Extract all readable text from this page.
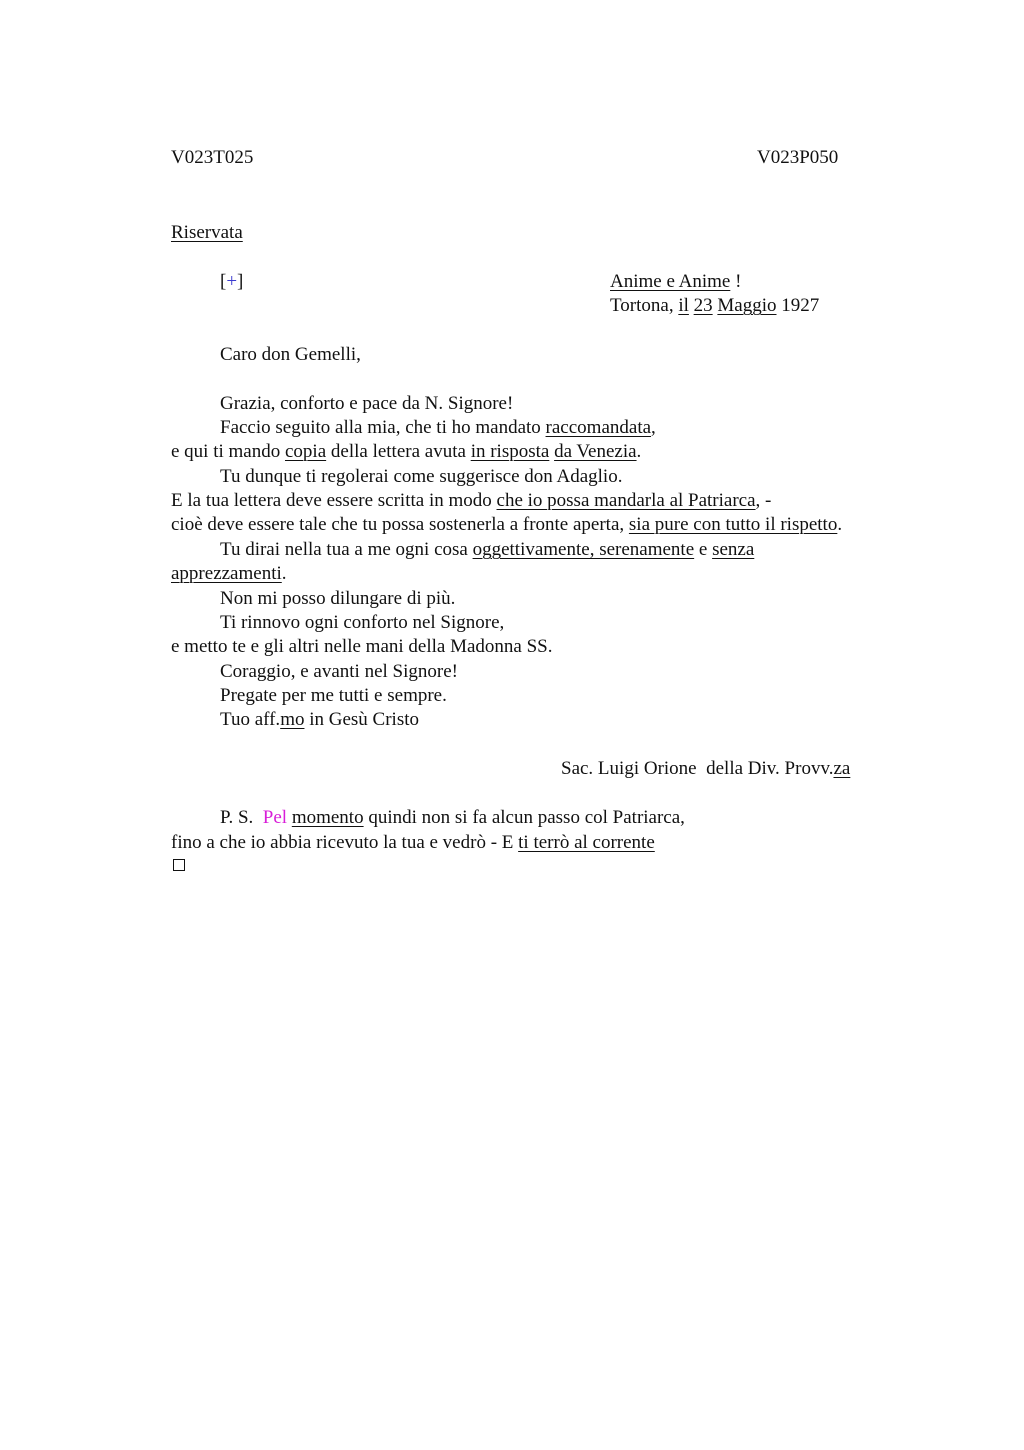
V023T025	V023P050
Riservata
[+]	Anime e Anime !
Tortona, il 23 Maggio 1927
Caro don Gemelli,
Grazia, conforto e pace da N. Signore!
Faccio seguito alla mia, che ti ho mandato raccomandata,
e qui ti mando copia della lettera avuta in risposta da Venezia.
Tu dunque ti regolerai come suggerisce don Adaglio.
E la tua lettera deve essere scritta in modo che io possa mandarla al Patriarca, -
cioè deve essere tale che tu possa sostenerla a fronte aperta, sia pure con tutto il rispetto.
Tu dirai nella tua a me ogni cosa oggettivamente, serenamente e senza
apprezzamenti.
Non mi posso dilungare di più.
Ti rinnovo ogni conforto nel Signore,
e metto te e gli altri nelle mani della Madonna SS.
Coraggio, e avanti nel Signore!
Pregate per me tutti e sempre.
Tuo aff.mo in Gesù Cristo
Sac. Luigi Orione  della Div. Provv.za
P. S.  Pel momento quindi non si fa alcun passo col Patriarca,
fino a che io abbia ricevuto la tua e vedrò - E ti terrò al corrente
